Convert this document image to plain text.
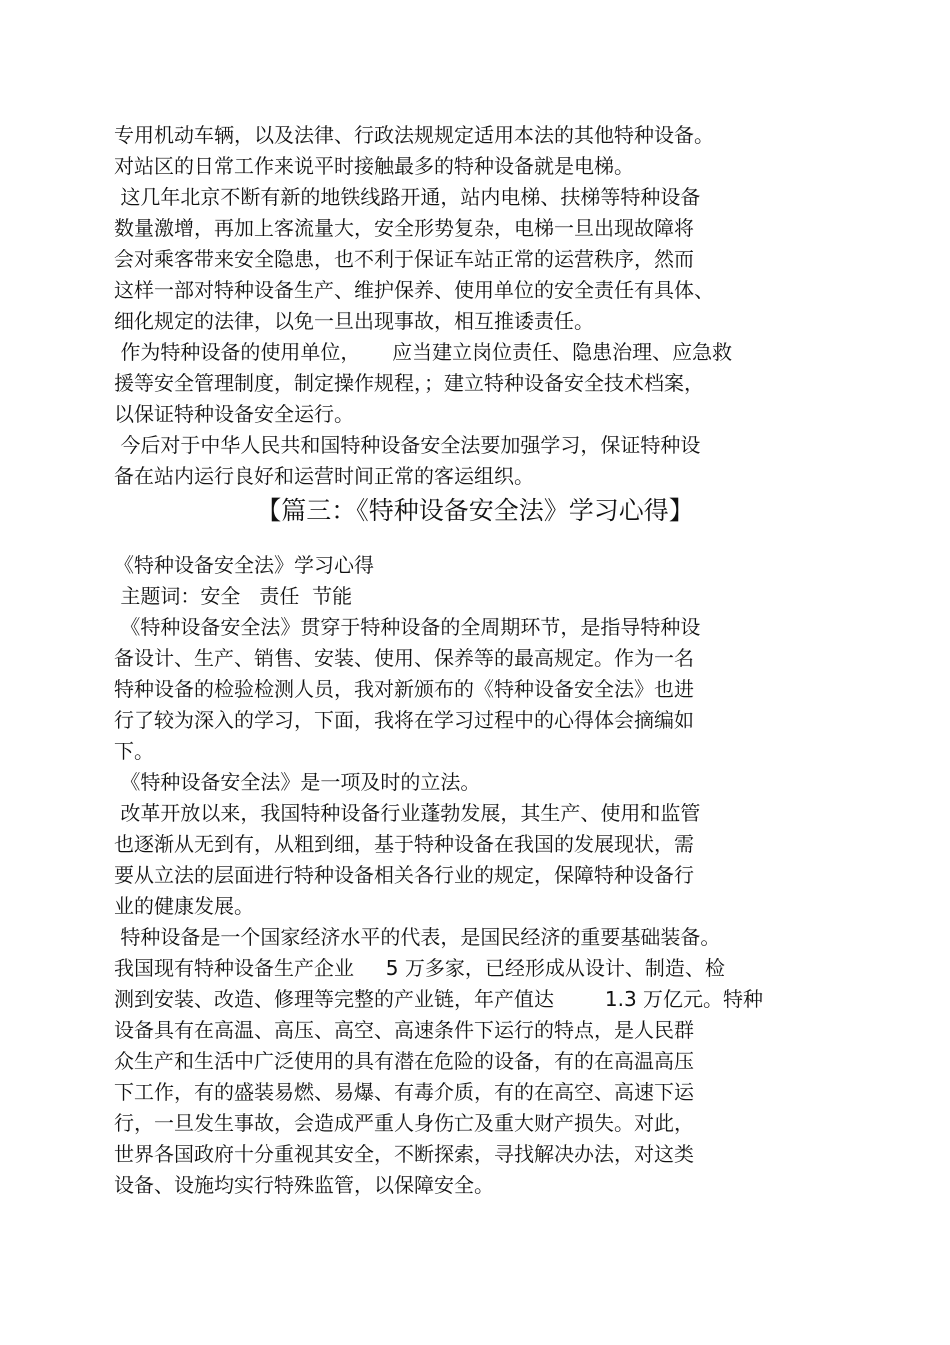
专用机动车辆，以及法律、行政法规规定适用本法的其他特种设备。
对站区的日常工作来说平时接触最多的特种设备就是电梯。
这几年北京不断有新的地铁线路开通，站内电梯、扶梯等特种设备
数量激增，再加上客流量大，安全形势复杂，电梯一旦出现故障将
会对乘客带来安全隐患，也不利于保证车站正常的运营秩序，然而
这样一部对特种设备生产、维护保养、使用单位的安全责任有具体、
细化规定的法律，以免一旦出现事故，相互推诿责任。
作为特种设备的使用单位，     应当建立岗位责任、隐患治理、应急救
援等安全管理制度，制定操作规程，；建立特种设备安全技术档案，
以保证特种设备安全运行。
今后对于中华人民共和国特种设备安全法要加强学习，保证特种设
备在站内运行良好和运营时间正常的客运组织。
【篇三：《特种设备安全法》学习心得】
《特种设备安全法》学习心得
主题词：安全   责任  节能
《特种设备安全法》贯穿于特种设备的全周期环节，是指导特种设
备设计、生产、销售、安装、使用、保养等的最高规定。作为一名
特种设备的检验检测人员，我对新颁布的《特种设备安全法》也进
行了较为深入的学习，下面，我将在学习过程中的心得体会摘编如
下。
《特种设备安全法》是一项及时的立法。
改革开放以来，我国特种设备行业蓬勃发展，其生产、使用和监管
也逐渐从无到有，从粗到细，基于特种设备在我国的发展现状，需
要从立法的层面进行特种设备相关各行业的规定，保障特种设备行
业的健康发展。
特种设备是一个国家经济水平的代表，是国民经济的重要基础装备。
我国现有特种设备生产企业     5 万多家，已经形成从设计、制造、检
测到安装、改造、修理等完整的产业链，年产值达        1.3 万亿元。特种
设备具有在高温、高压、高空、高速条件下运行的特点，是人民群
众生产和生活中广泛使用的具有潜在危险的设备，有的在高温高压
下工作，有的盛装易燃、易爆、有毒介质，有的在高空、高速下运
行，一旦发生事故，会造成严重人身伤亡及重大财产损失。对此，
世界各国政府十分重视其安全，不断探索，寻找解决办法，对这类
设备、设施均实行特殊监管，以保障安全。
